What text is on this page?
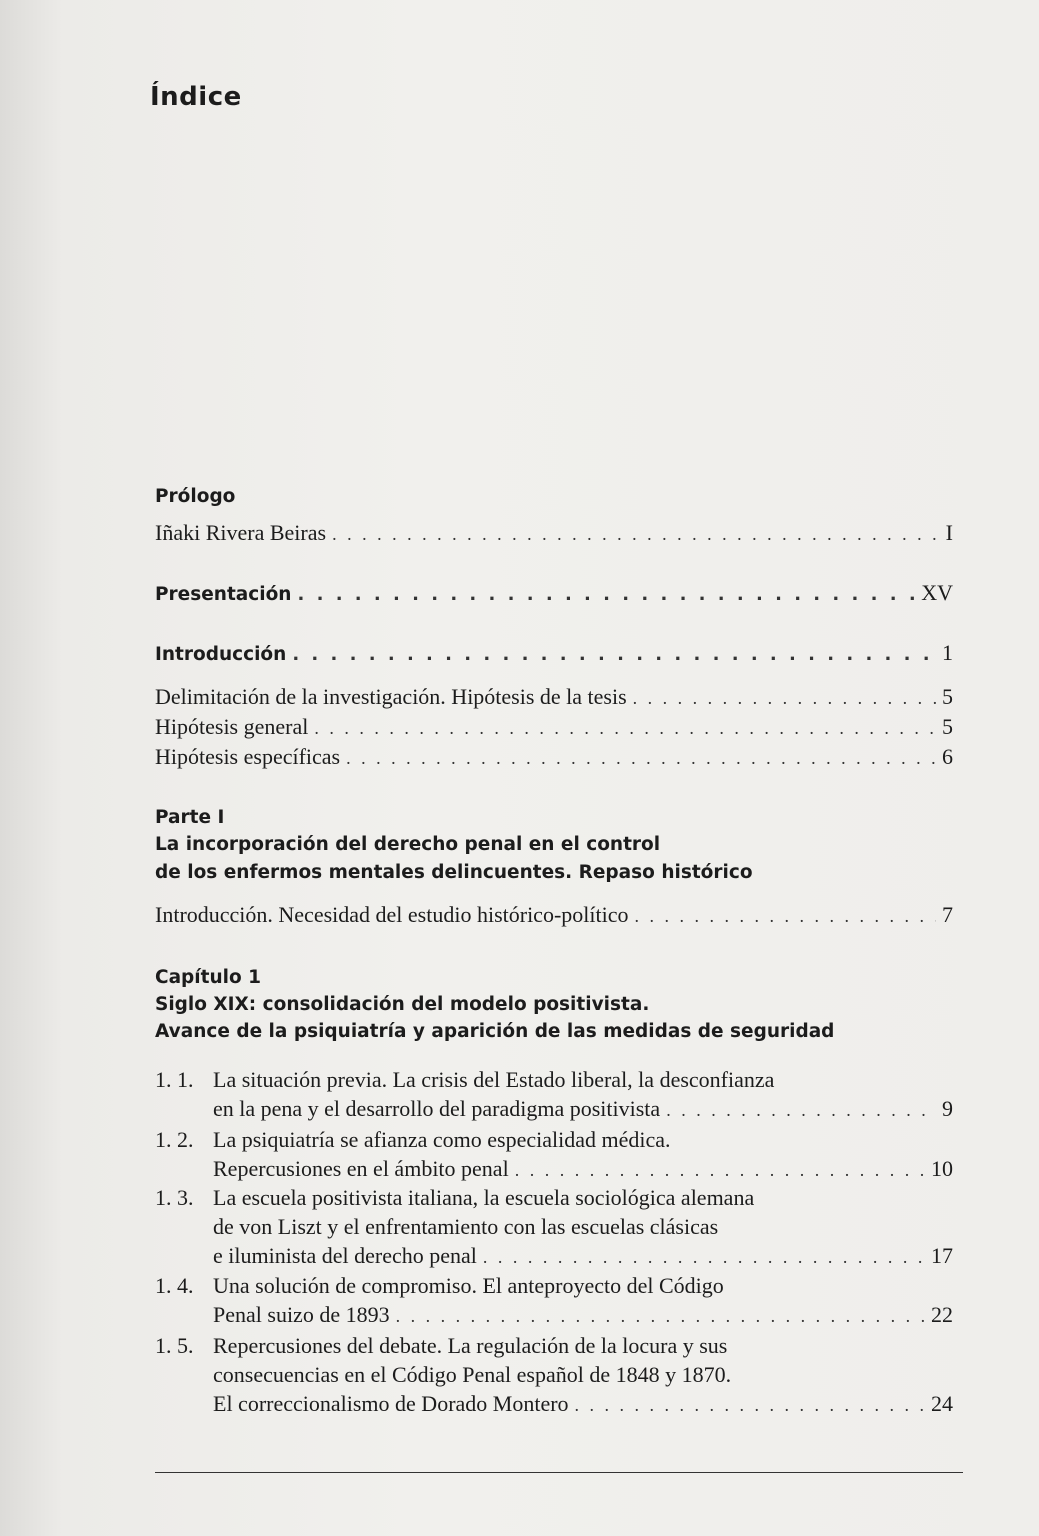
Índice
Prólogo
Iñaki Rivera Beiras . . .	I
Presentación . . .	XV
Introducción . . .	1
Delimitación de la investigación. Hipótesis de la tesis . . .	5
Hipótesis general . . .	5
Hipótesis específicas . . .	6
Parte I
La incorporación del derecho penal en el control
de los enfermos mentales delincuentes. Repaso histórico
Introducción. Necesidad del estudio histórico-político . . .	7
Capítulo 1
Siglo XIX: consolidación del modelo positivista.
Avance de la psiquiatría y aparición de las medidas de seguridad
1. 1. La situación previa. La crisis del Estado liberal, la desconfianza
en la pena y el desarrollo del paradigma positivista . . .	9
1. 2. La psiquiatría se afianza como especialidad médica.
Repercusiones en el ámbito penal . . .	10
1. 3. La escuela positivista italiana, la escuela sociológica alemana
de von Liszt y el enfrentamiento con las escuelas clásicas
e iluminista del derecho penal . . .	17
1. 4. Una solución de compromiso. El anteproyecto del Código
Penal suizo de 1893 . . .	22
1. 5. Repercusiones del debate. La regulación de la locura y sus
consecuencias en el Código Penal español de 1848 y 1870.
El correccionalismo de Dorado Montero . . .	24
